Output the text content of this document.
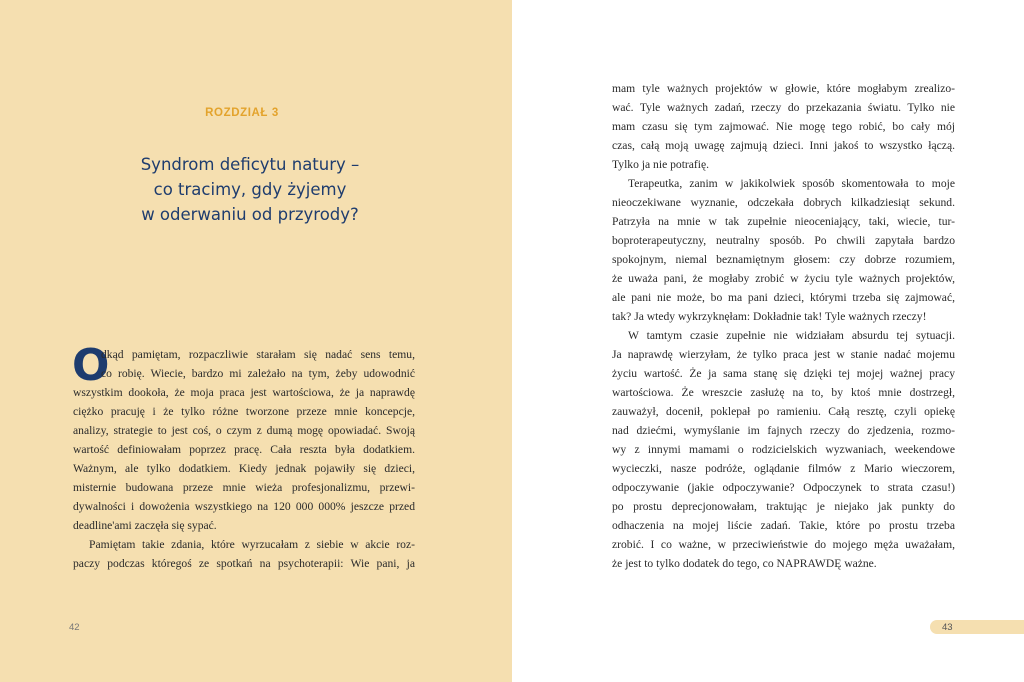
ROZDZIAŁ 3
Syndrom deficytu natury –
co tracimy, gdy żyjemy
w oderwaniu od przyrody?
O
dkąd pamiętam, rozpaczliwie starałam się nadać sens temu,
co robię. Wiecie, bardzo mi zależało na tym, żeby udowodnić
wszystkim dookoła, że moja praca jest wartościowa, że ja naprawdę
ciężko pracuję i że tylko różne tworzone przeze mnie koncepcje,
analizy, strategie to jest coś, o czym z dumą mogę opowiadać. Swoją
wartość definiowałam poprzez pracę. Cała reszta była dodatkiem.
Ważnym, ale tylko dodatkiem. Kiedy jednak pojawiły się dzieci,
misternie budowana przeze mnie wieża profesjonalizmu, przewi-
dywalności i dowożenia wszystkiego na 120 000 000% jeszcze przed
deadline'ami zaczęła się sypać.
Pamiętam takie zdania, które wyrzucałam z siebie w akcie roz-
paczy podczas któregoś ze spotkań na psychoterapii: Wie pani, ja
42
mam tyle ważnych projektów w głowie, które mogłabym zrealizo-
wać. Tyle ważnych zadań, rzeczy do przekazania światu. Tylko nie
mam czasu się tym zajmować. Nie mogę tego robić, bo cały mój
czas, całą moją uwagę zajmują dzieci. Inni jakoś to wszystko łączą.
Tylko ja nie potrafię.
Terapeutka, zanim w jakikolwiek sposób skomentowała to moje
nieoczekiwane wyznanie, odczekała dobrych kilkadziesiąt sekund.
Patrzyła na mnie w tak zupełnie nieoceniający, taki, wiecie, tur-
boproterapeutyczny, neutralny sposób. Po chwili zapytała bardzo
spokojnym, niemal beznamiętnym głosem: czy dobrze rozumiem,
że uważa pani, że mogłaby zrobić w życiu tyle ważnych projektów,
ale pani nie może, bo ma pani dzieci, którymi trzeba się zajmować,
tak? Ja wtedy wykrzyknęłam: Dokładnie tak! Tyle ważnych rzeczy!
W tamtym czasie zupełnie nie widziałam absurdu tej sytuacji.
Ja naprawdę wierzyłam, że tylko praca jest w stanie nadać mojemu
życiu wartość. Że ja sama stanę się dzięki tej mojej ważnej pracy
wartościowa. Że wreszcie zasłużę na to, by ktoś mnie dostrzegł,
zauważył, docenił, poklepał po ramieniu. Całą resztę, czyli opiekę
nad dziećmi, wymyślanie im fajnych rzeczy do zjedzenia, rozmo-
wy z innymi mamami o rodzicielskich wyzwaniach, weekendowe
wycieczki, nasze podróże, oglądanie filmów z Mario wieczorem,
odpoczywanie (jakie odpoczywanie? Odpoczynek to strata czasu!)
po prostu deprecjonowałam, traktując je niejako jak punkty do
odhaczenia na mojej liście zadań. Takie, które po prostu trzeba
zrobić. I co ważne, w przeciwieństwie do mojego męża uważałam,
że jest to tylko dodatek do tego, co NAPRAWDĘ ważne.
43
